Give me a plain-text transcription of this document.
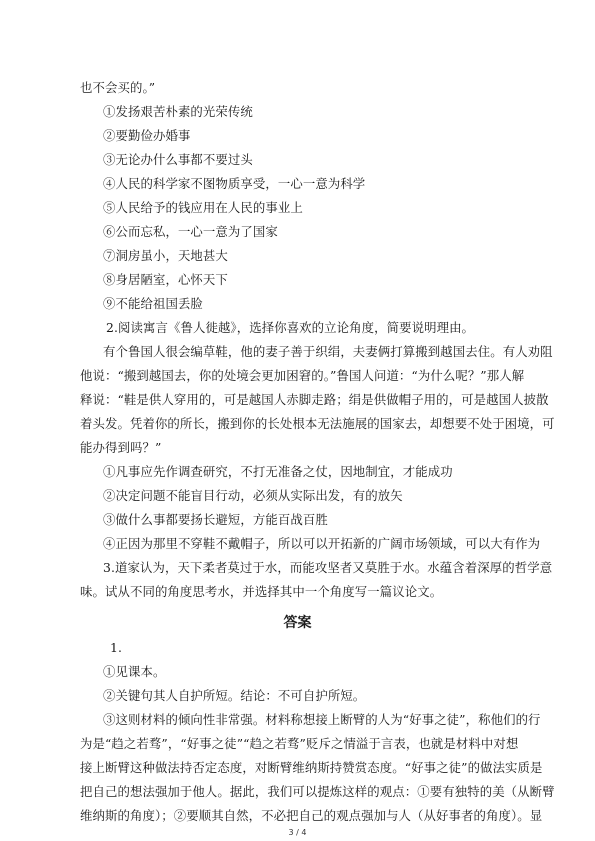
也不会买的。”
①发扬艰苦朴素的光荣传统
②要勤俭办婚事
③无论办什么事都不要过头
④人民的科学家不图物质享受，一心一意为科学
⑤人民给予的钱应用在人民的事业上
⑥公而忘私，一心一意为了国家
⑦洞房虽小，天地甚大
⑧身居陋室，心怀天下
⑨不能给祖国丢脸
2.阅读寓言《鲁人徙越》，选择你喜欢的立论角度，简要说明理由。
有个鲁国人很会编草鞋，他的妻子善于织绢，夫妻俩打算搬到越国去住。有人劝阻
他说：“搬到越国去，你的处境会更加困窘的。”鲁国人问道：“为什么呢？”那人解
释说：“鞋是供人穿用的，可是越国人赤脚走路；绢是供做帽子用的，可是越国人披散
着头发。凭着你的所长，搬到你的长处根本无法施展的国家去，却想要不处于困境，可
能办得到吗？”
①凡事应先作调查研究，不打无准备之仗，因地制宜，才能成功
②决定问题不能盲目行动，必须从实际出发，有的放矢
③做什么事都要扬长避短，方能百战百胜
④正因为那里不穿鞋不戴帽子，所以可以开拓新的广阔市场领域，可以大有作为
3.道家认为，天下柔者莫过于水，而能攻坚者又莫胜于水。水蕴含着深厚的哲学意
味。试从不同的角度思考水，并选择其中一个角度写一篇议论文。
答案
1.
①见课本。
②关键句其人自护所短。结论：不可自护所短。
③这则材料的倾向性非常强。材料称想接上断臂的人为“好事之徒”，称他们的行
为是“趋之若骛”，“好事之徒”“趋之若骛”贬斥之情溢于言表，也就是材料中对想
接上断臂这种做法持否定态度，对断臂维纳斯持赞赏态度。“好事之徒”的做法实质是
把自己的想法强加于他人。据此，我们可以提炼这样的观点：①要有独特的美（从断臂
维纳斯的角度）；②要顺其自然，不必把自己的观点强加与人（从好事者的角度）。显
3 / 4
